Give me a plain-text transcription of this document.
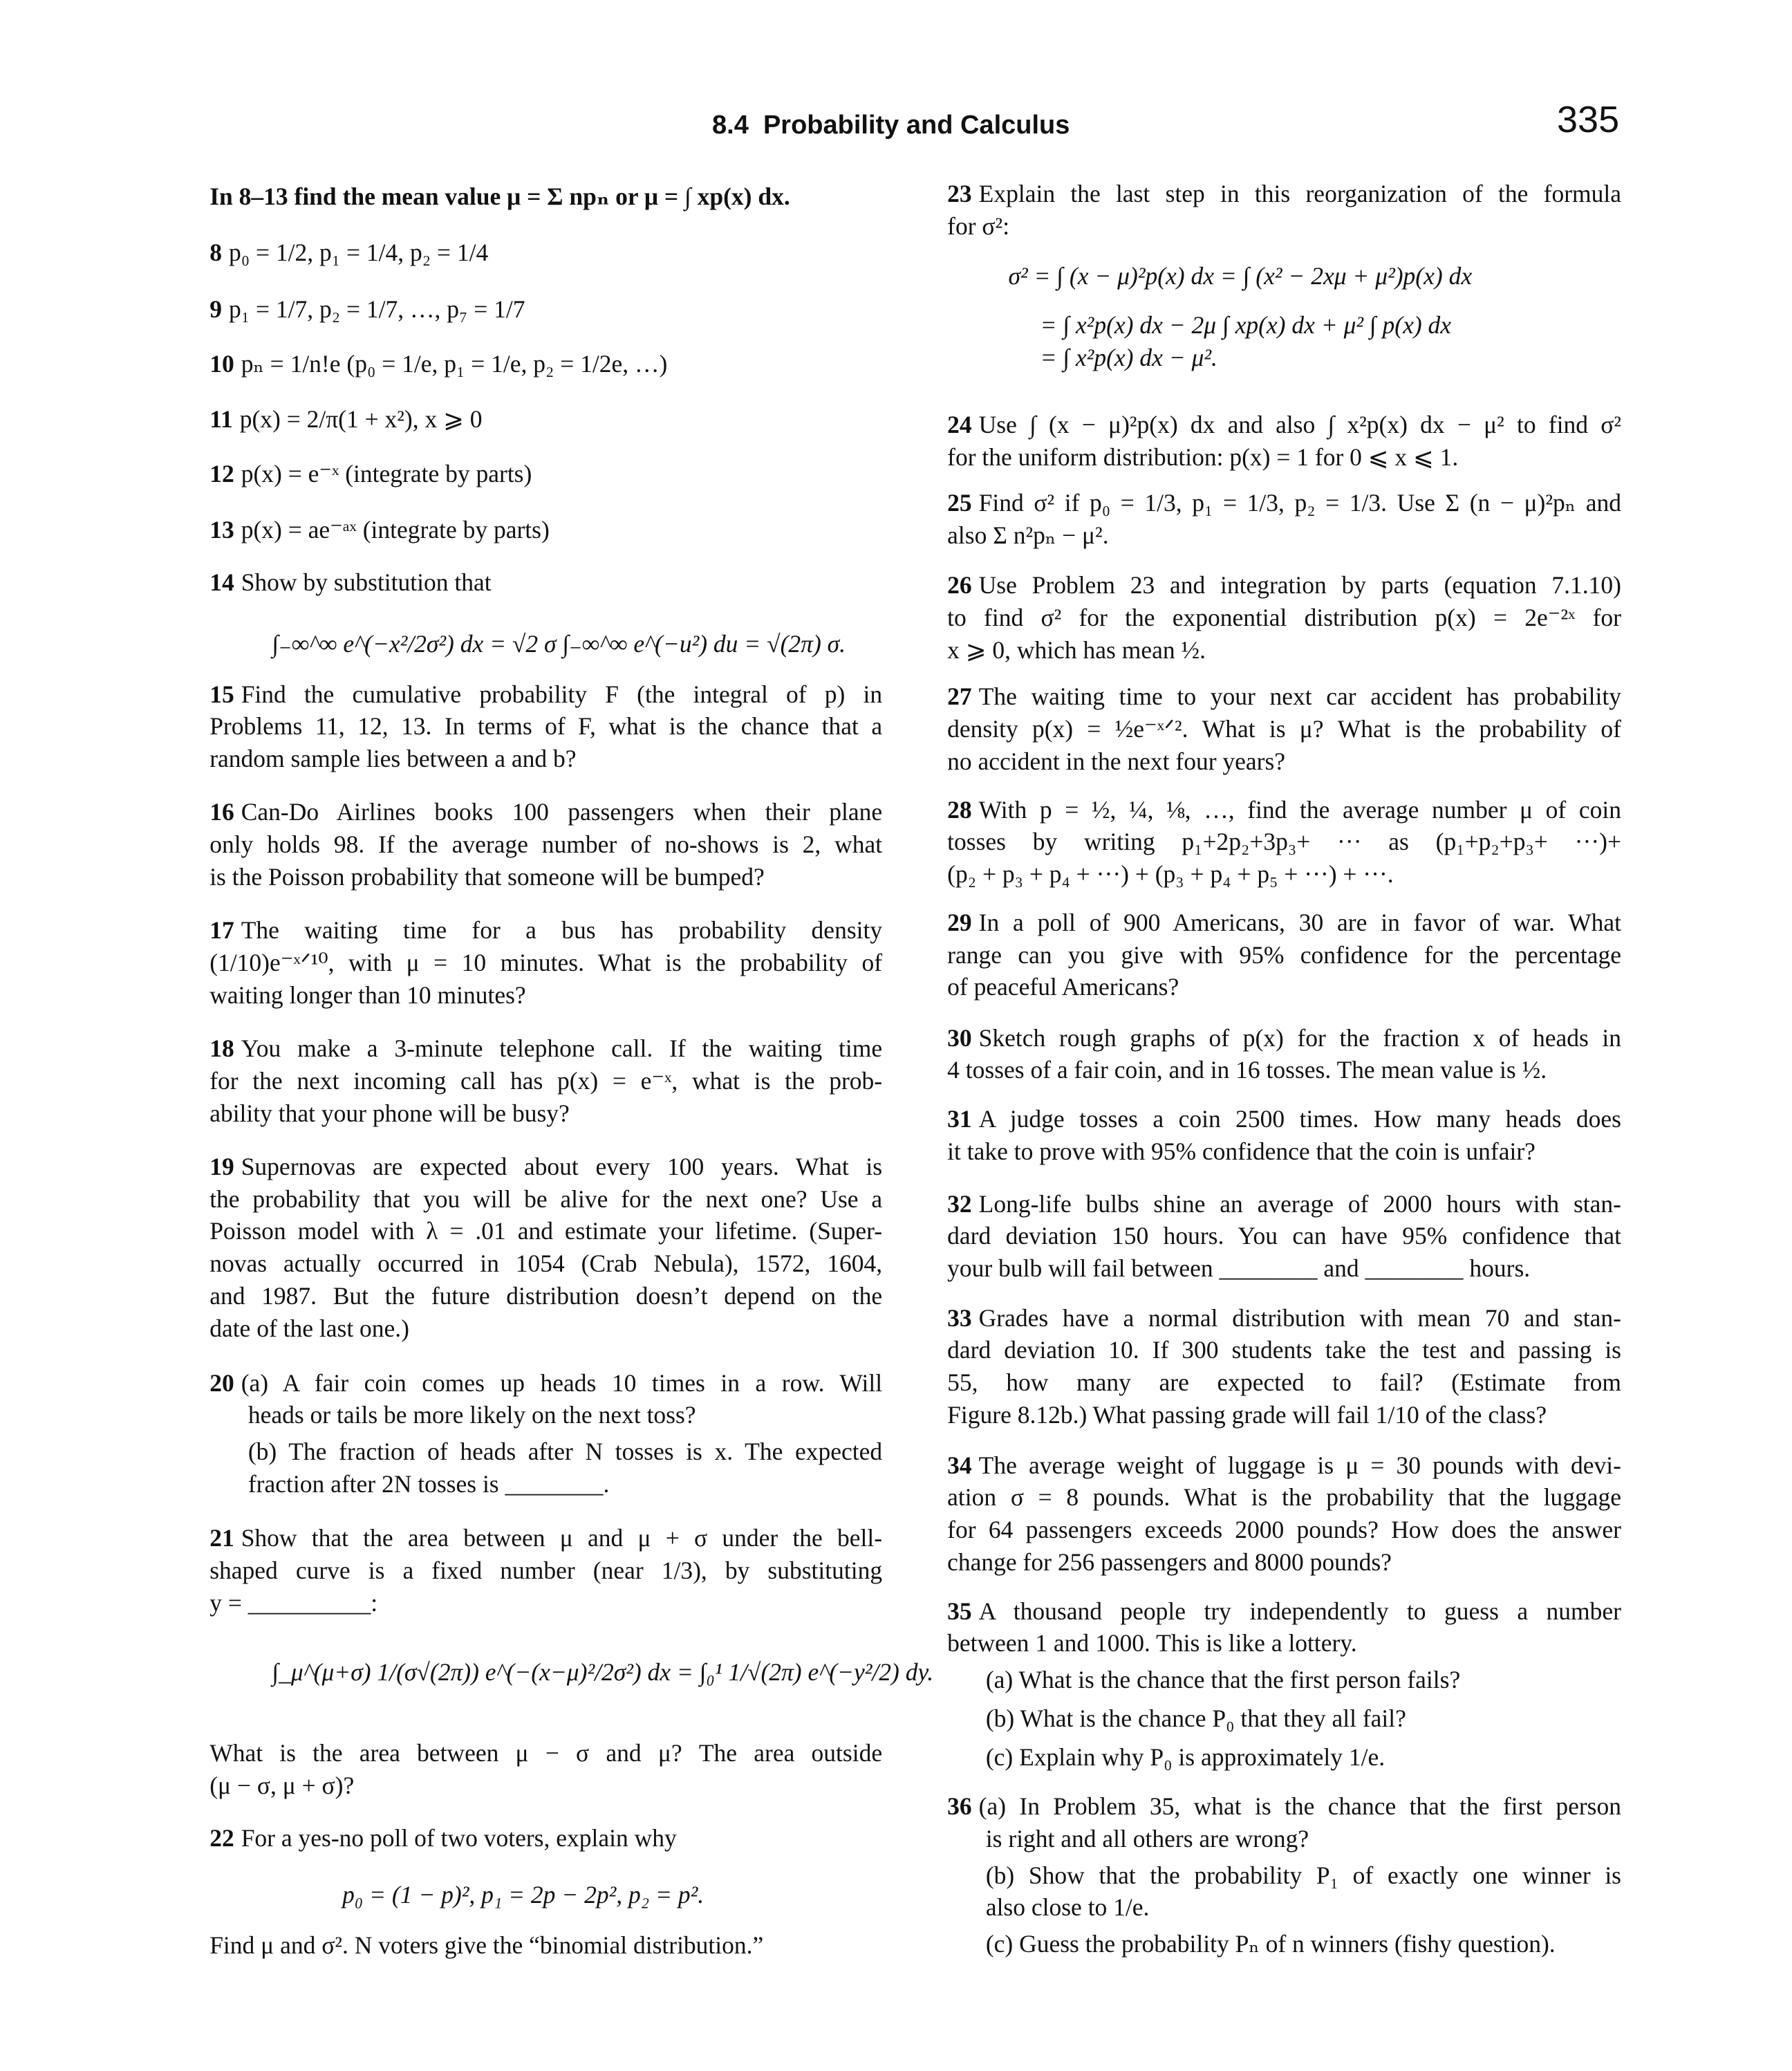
8.4 Probability and Calculus	335
In 8–13 find the mean value μ = Σ npₙ or μ = ∫ xp(x) dx.
8 p₀ = 1/2, p₁ = 1/4, p₂ = 1/4
9 p₁ = 1/7, p₂ = 1/7, …, p₇ = 1/7
10 pₙ = 1/n!e (p₀ = 1/e, p₁ = 1/e, p₂ = 1/2e, …)
11 p(x) = 2/π(1 + x²), x ⩾ 0
12 p(x) = e⁻ˣ (integrate by parts)
13 p(x) = ae⁻ᵃˣ (integrate by parts)
14 Show by substitution that
∫₋∞^∞ e^(−x²/2σ²) dx = √2 σ ∫₋∞^∞ e^(−u²) du = √(2π) σ.
15 Find the cumulative probability F (the integral of p) in
Problems 11, 12, 13. In terms of F, what is the chance that a
random sample lies between a and b?
16 Can-Do Airlines books 100 passengers when their plane
only holds 98. If the average number of no-shows is 2, what
is the Poisson probability that someone will be bumped?
17 The waiting time for a bus has probability density
(1/10)e⁻ˣᐟ¹⁰, with μ = 10 minutes. What is the probability of
waiting longer than 10 minutes?
18 You make a 3-minute telephone call. If the waiting time
for the next incoming call has p(x) = e⁻ˣ, what is the prob-
ability that your phone will be busy?
19 Supernovas are expected about every 100 years. What is
the probability that you will be alive for the next one? Use a
Poisson model with λ = .01 and estimate your lifetime. (Super-
novas actually occurred in 1054 (Crab Nebula), 1572, 1604,
and 1987. But the future distribution doesn’t depend on the
date of the last one.)
20 (a) A fair coin comes up heads 10 times in a row. Will
heads or tails be more likely on the next toss?
(b) The fraction of heads after N tosses is x. The expected
fraction after 2N tosses is ________.
21 Show that the area between μ and μ + σ under the bell-
shaped curve is a fixed number (near 1/3), by substituting
y = __________:
∫_μ^(μ+σ) 1/(σ√(2π)) e^(−(x−μ)²/2σ²) dx = ∫₀¹ 1/√(2π) e^(−y²/2) dy.
What is the area between μ − σ and μ? The area outside
(μ − σ, μ + σ)?
22 For a yes-no poll of two voters, explain why
p₀ = (1 − p)², p₁ = 2p − 2p², p₂ = p².
Find μ and σ². N voters give the “binomial distribution.”
23 Explain the last step in this reorganization of the formula
for σ²:
σ² = ∫ (x − μ)²p(x) dx = ∫ (x² − 2xμ + μ²)p(x) dx
= ∫ x²p(x) dx − 2μ ∫ xp(x) dx + μ² ∫ p(x) dx
= ∫ x²p(x) dx − μ².
24 Use ∫ (x − μ)²p(x) dx and also ∫ x²p(x) dx − μ² to find σ²
for the uniform distribution: p(x) = 1 for 0 ⩽ x ⩽ 1.
25 Find σ² if p₀ = 1/3, p₁ = 1/3, p₂ = 1/3. Use Σ (n − μ)²pₙ and
also Σ n²pₙ − μ².
26 Use Problem 23 and integration by parts (equation 7.1.10)
to find σ² for the exponential distribution p(x) = 2e⁻²ˣ for
x ⩾ 0, which has mean ½.
27 The waiting time to your next car accident has probability
density p(x) = ½e⁻ˣᐟ². What is μ? What is the probability of
no accident in the next four years?
28 With p = ½, ¼, ⅛, …, find the average number μ of coin
tosses by writing p₁+2p₂+3p₃+ ··· as (p₁+p₂+p₃+ ···)+
(p₂ + p₃ + p₄ + ···) + (p₃ + p₄ + p₅ + ···) + ···.
29 In a poll of 900 Americans, 30 are in favor of war. What
range can you give with 95% confidence for the percentage
of peaceful Americans?
30 Sketch rough graphs of p(x) for the fraction x of heads in
4 tosses of a fair coin, and in 16 tosses. The mean value is ½.
31 A judge tosses a coin 2500 times. How many heads does
it take to prove with 95% confidence that the coin is unfair?
32 Long-life bulbs shine an average of 2000 hours with stan-
dard deviation 150 hours. You can have 95% confidence that
your bulb will fail between ________ and ________ hours.
33 Grades have a normal distribution with mean 70 and stan-
dard deviation 10. If 300 students take the test and passing is
55, how many are expected to fail? (Estimate from
Figure 8.12b.) What passing grade will fail 1/10 of the class?
34 The average weight of luggage is μ = 30 pounds with devi-
ation σ = 8 pounds. What is the probability that the luggage
for 64 passengers exceeds 2000 pounds? How does the answer
change for 256 passengers and 8000 pounds?
35 A thousand people try independently to guess a number
between 1 and 1000. This is like a lottery.
(a) What is the chance that the first person fails?
(b) What is the chance P₀ that they all fail?
(c) Explain why P₀ is approximately 1/e.
36 (a) In Problem 35, what is the chance that the first person
is right and all others are wrong?
(b) Show that the probability P₁ of exactly one winner is
also close to 1/e.
(c) Guess the probability Pₙ of n winners (fishy question).
